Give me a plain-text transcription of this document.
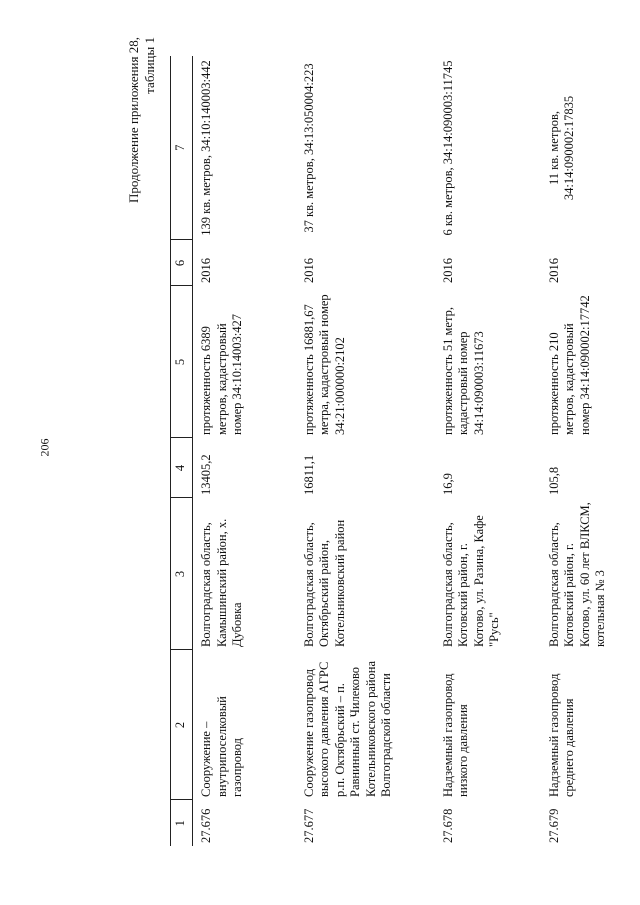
206
Продолжение приложения 28, таблицы 1
1	2	3	4	5	6	7
27.676	Сооружение – внутрипоселковый газопровод	Волгоградская область, Камышинский район, х. Дубовка	13405,2	протяженность 6389 метров, кадастровый номер 34:10:14003:427	2016	139 кв. метров, 34:10:140003:442
27.677	Сооружение газопровод высокого давления АГРС р.п. Октябрьский – п. Равнинный ст. Чилеково Котельниковского района Волгоградской области	Волгоградская область, Октябрьский район, Котельниковский район	16811,1	протяженность 16881,67 метра, кадастровый номер 34:21:000000:2102	2016	37 кв. метров, 34:13:050004:223
27.678	Надземный газопровод низкого давления	Волгоградская область, Котовский район, г. Котово, ул. Разина, Кафе "Русь"	16,9	протяженность 51 метр, кадастровый номер 34:14:090003:11673	2016	6 кв. метров, 34:14:090003:11745
27.679	Надземный газопровод среднего давления	Волгоградская область, Котовский район, г. Котово, ул. 60 лет ВЛКСМ, котельная № 3	105,8	протяженность 210 метров, кадастровый номер 34:14:090002:17742	2016	11 кв. метров, 34:14:090002:17835
